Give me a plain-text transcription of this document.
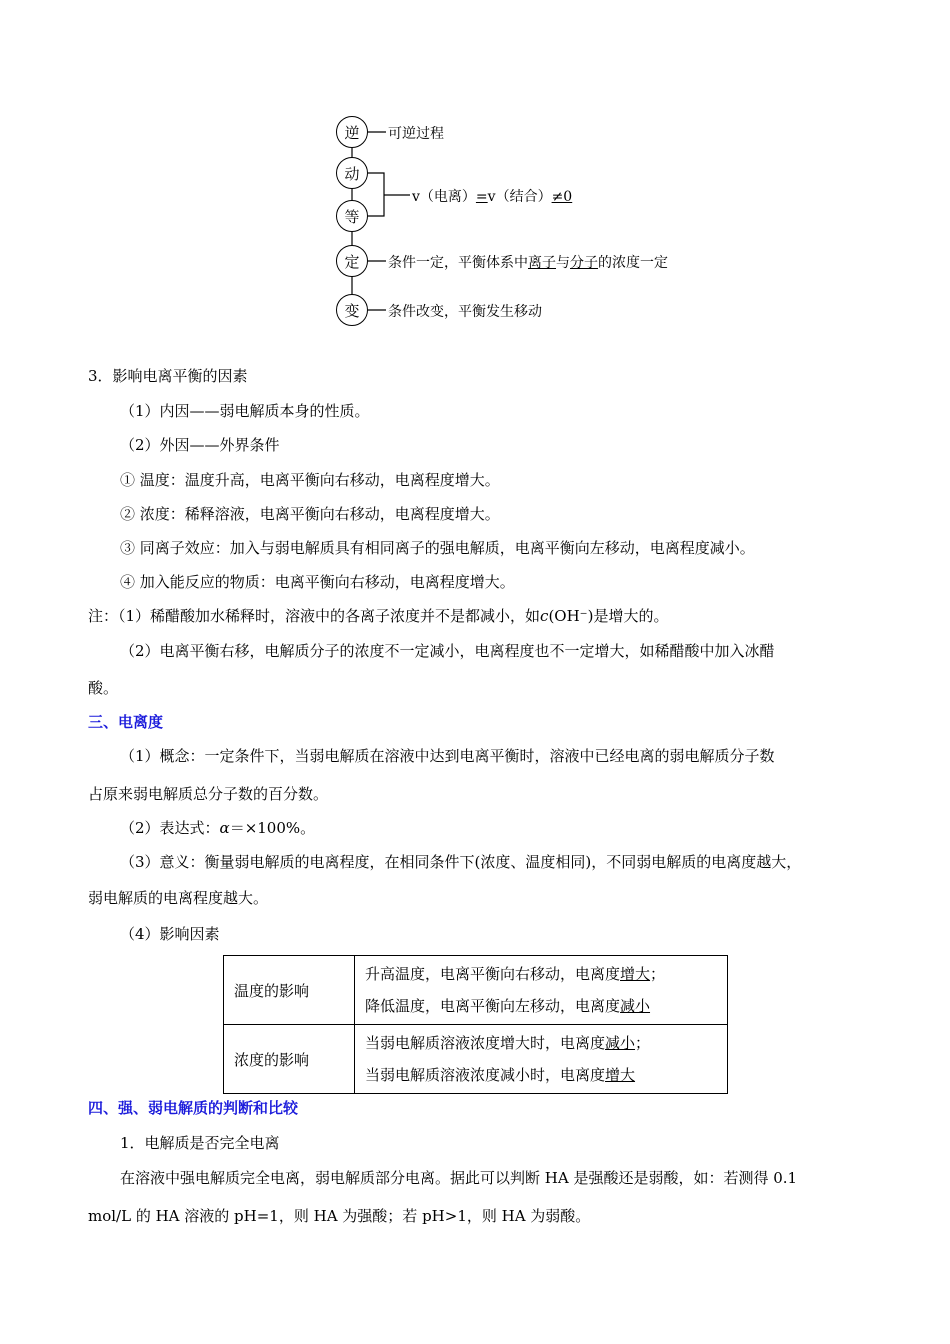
逆
动
等
定
变
可逆过程
v（电离）=v（结合）≠0
条件一定，平衡体系中离子与分子的浓度一定
条件改变，平衡发生移动
3．影响电离平衡的因素
（1）内因——弱电解质本身的性质。
（2）外因——外界条件
① 温度：温度升高，电离平衡向右移动，电离程度增大。
② 浓度：稀释溶液，电离平衡向右移动，电离程度增大。
③ 同离子效应：加入与弱电解质具有相同离子的强电解质，电离平衡向左移动，电离程度减小。
④ 加入能反应的物质：电离平衡向右移动，电离程度增大。
注：（1）稀醋酸加水稀释时，溶液中的各离子浓度并不是都减小，如c(OH⁻)是增大的。
（2）电离平衡右移，电解质分子的浓度不一定减小，电离程度也不一定增大，如稀醋酸中加入冰醋
酸。
三、电离度
（1）概念：一定条件下，当弱电解质在溶液中达到电离平衡时，溶液中已经电离的弱电解质分子数
占原来弱电解质总分子数的百分数。
（2）表达式：α＝×100%。
（3）意义：衡量弱电解质的电离程度，在相同条件下(浓度、温度相同)，不同弱电解质的电离度越大，
弱电解质的电离程度越大。
（4）影响因素
温度的影响	升高温度，电离平衡向右移动，电离度增大；
降低温度，电离平衡向左移动，电离度减小

浓度的影响	当弱电解质溶液浓度增大时，电离度减小；
当弱电解质溶液浓度减小时，电离度增大
四、强、弱电解质的判断和比较
1．电解质是否完全电离
在溶液中强电解质完全电离，弱电解质部分电离。据此可以判断 HA 是强酸还是弱酸，如：若测得 0.1
mol/L 的 HA 溶液的 pH=1，则 HA 为强酸；若 pH>1，则 HA 为弱酸。
